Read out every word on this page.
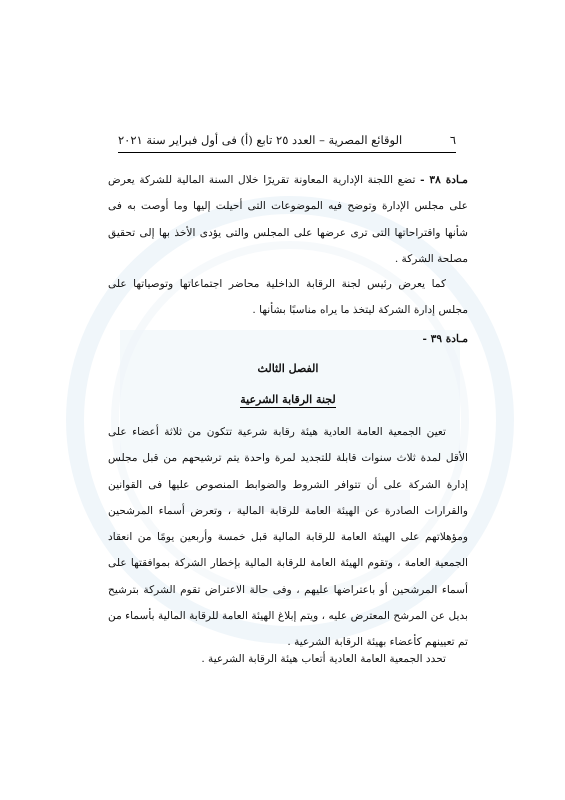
٦
الوقائع المصرية – العدد ٢٥ تابع (أ) فى أول فبراير سنة ٢٠٢١
مـادة ٣٨ - تضع اللجنة الإدارية المعاونة تقريرًا خلال السنة المالية للشركة يعرض على مجلس الإدارة وتوضح فيه الموضوعات التى أحيلت إليها وما أوصت به فى شأنها واقتراحاتها التى ترى عرضها على المجلس والتى يؤدى الأخذ بها إلى تحقيق مصلحة الشركة .
كما يعرض رئيس لجنة الرقابة الداخلية محاضر اجتماعاتها وتوصياتها على مجلس إدارة الشركة ليتخذ ما يراه مناسبًا بشأنها .
مـادة ٣٩ -
الفصل الثالث
لجنة الرقابة الشرعية
تعين الجمعية العامة العادية هيئة رقابة شرعية تتكون من ثلاثة أعضاء على الأقل لمدة ثلاث سنوات قابلة للتجديد لمرة واحدة يتم ترشيحهم من قبل مجلس إدارة الشركة على أن تتوافر الشروط والضوابط المنصوص عليها فى القوانين والقرارات الصادرة عن الهيئة العامة للرقابة المالية ، وتعرض أسماء المرشحين ومؤهلاتهم على الهيئة العامة للرقابة المالية قبل خمسة وأربعين يومًا من انعقاد الجمعية العامة ، وتقوم الهيئة العامة للرقابة المالية بإخطار الشركة بموافقتها على أسماء المرشحين أو باعتراضها عليهم ، وفى حالة الاعتراض تقوم الشركة بترشيح بديل عن المرشح المعترض عليه ، ويتم إبلاغ الهيئة العامة للرقابة المالية بأسماء من تم تعيينهم كأعضاء بهيئة الرقابة الشرعية .
تحدد الجمعية العامة العادية أتعاب هيئة الرقابة الشرعية .
